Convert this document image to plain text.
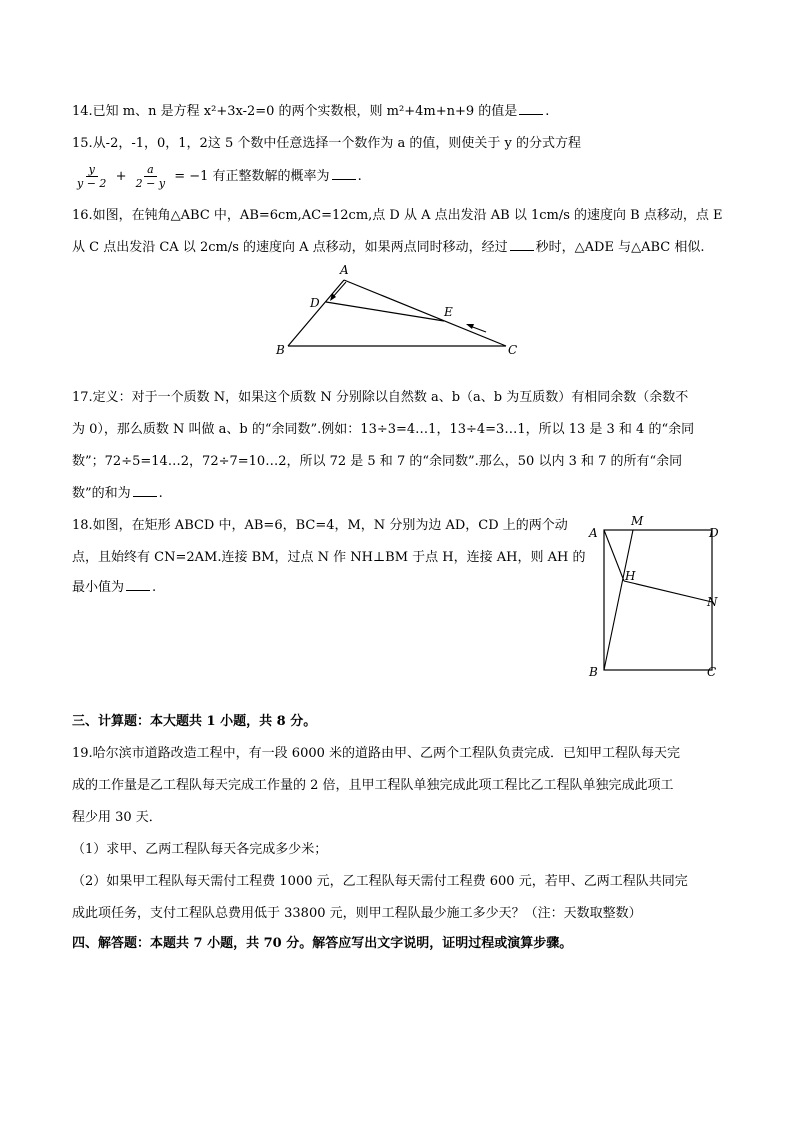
14.已知 m、n 是方程 x²+3x-2=0 的两个实数根，则 m²+4m+n+9 的值是 .
15.从-2，-1，0，1，2这 5 个数中任意选择一个数作为 a 的值，则使关于 y 的分式方程
$\frac{y}{y - 2} + \frac{a}{2 - y} = -1$ 有正整数解的概率为 .
16.如图，在钝角△ABC 中，AB=6cm,AC=12cm,点 D 从 A 点出发沿 AB 以 1cm/s 的速度向 B 点移动，点 E
从 C 点出发沿 CA 以 2cm/s 的速度向 A 点移动，如果两点同时移动，经过 秒时，△ADE 与△ABC 相似.
A
D
E
B	C
17.定义：对于一个质数 N，如果这个质数 N 分别除以自然数 a、b（a、b 为互质数）有相同余数（余数不
为 0），那么质数 N 叫做 a、b 的“余同数”.例如：13÷3=4…1，13÷4=3…1，所以 13 是 3 和 4 的“余同
数”；72÷5=14…2，72÷7=10…2，所以 72 是 5 和 7 的“余同数”.那么，50 以内 3 和 7 的所有“余同
数”的和为 .
18.如图，在矩形 ABCD 中，AB=6，BC=4，M，N 分别为边 AD，CD 上的两个动
点，且始终有 CN=2AM.连接 BM，过点 N 作 NH⊥BM 于点 H，连接 AH，则 AH 的
最小值为 .
A
M
D
H
N
B	C
三、计算题：本大题共 1 小题，共 8 分。
19.哈尔滨市道路改造工程中，有一段 6000 米的道路由甲、乙两个工程队负责完成．已知甲工程队每天完
成的工作量是乙工程队每天完成工作量的 2 倍，且甲工程队单独完成此项工程比乙工程队单独完成此项工
程少用 30 天．
（1）求甲、乙两工程队每天各完成多少米；
（2）如果甲工程队每天需付工程费 1000 元，乙工程队每天需付工程费 600 元，若甲、乙两工程队共同完
成此项任务，支付工程队总费用低于 33800 元，则甲工程队最少施工多少天？（注：天数取整数）
四、解答题：本题共 7 小题，共 70 分。解答应写出文字说明，证明过程或演算步骤。
